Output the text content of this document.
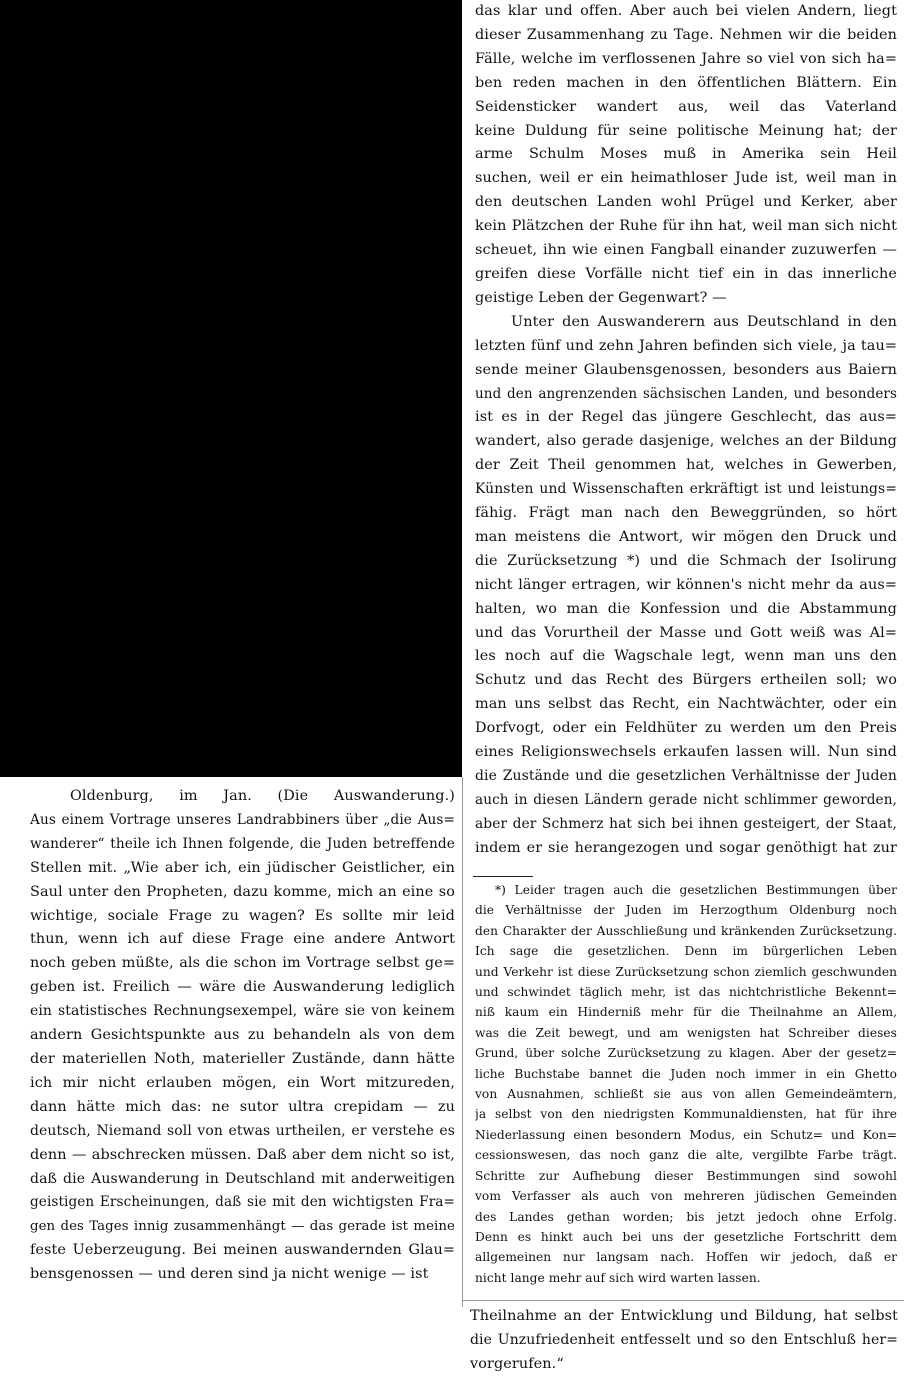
Oldenburg, im Jan. (Die Auswanderung.)
Aus einem Vortrage unseres Landrabbiners über „die Aus=
wanderer“ theile ich Ihnen folgende, die Juden betreffende
Stellen mit. „Wie aber ich, ein jüdischer Geistlicher, ein
Saul unter den Propheten, dazu komme, mich an eine so
wichtige, sociale Frage zu wagen? Es sollte mir leid
thun, wenn ich auf diese Frage eine andere Antwort
noch geben müßte, als die schon im Vortrage selbst ge=
geben ist. Freilich — wäre die Auswanderung lediglich
ein statistisches Rechnungsexempel, wäre sie von keinem
andern Gesichtspunkte aus zu behandeln als von dem
der materiellen Noth, materieller Zustände, dann hätte
ich mir nicht erlauben mögen, ein Wort mitzureden,
dann hätte mich das: ne sutor ultra crepidam — zu
deutsch, Niemand soll von etwas urtheilen, er verstehe es
denn — abschrecken müssen. Daß aber dem nicht so ist,
daß die Auswanderung in Deutschland mit anderweitigen
geistigen Erscheinungen, daß sie mit den wichtigsten Fra=
gen des Tages innig zusammenhängt — das gerade ist meine
feste Ueberzeugung. Bei meinen auswandernden Glau=
bensgenossen — und deren sind ja nicht wenige — ist
das klar und offen. Aber auch bei vielen Andern, liegt
dieser Zusammenhang zu Tage. Nehmen wir die beiden
Fälle, welche im verflossenen Jahre so viel von sich ha=
ben reden machen in den öffentlichen Blättern. Ein
Seidensticker wandert aus, weil das Vaterland
keine Duldung für seine politische Meinung hat; der
arme Schulm Moses muß in Amerika sein Heil
suchen, weil er ein heimathloser Jude ist, weil man in
den deutschen Landen wohl Prügel und Kerker, aber
kein Plätzchen der Ruhe für ihn hat, weil man sich nicht
scheuet, ihn wie einen Fangball einander zuzuwerfen —
greifen diese Vorfälle nicht tief ein in das innerliche
geistige Leben der Gegenwart? —
Unter den Auswanderern aus Deutschland in den
letzten fünf und zehn Jahren befinden sich viele, ja tau=
sende meiner Glaubensgenossen, besonders aus Baiern
und den angrenzenden sächsischen Landen, und besonders
ist es in der Regel das jüngere Geschlecht, das aus=
wandert, also gerade dasjenige, welches an der Bildung
der Zeit Theil genommen hat, welches in Gewerben,
Künsten und Wissenschaften erkräftigt ist und leistungs=
fähig. Frägt man nach den Beweggründen, so hört
man meistens die Antwort, wir mögen den Druck und
die Zurücksetzung *) und die Schmach der Isolirung
nicht länger ertragen, wir können's nicht mehr da aus=
halten, wo man die Konfession und die Abstammung
und das Vorurtheil der Masse und Gott weiß was Al=
les noch auf die Wagschale legt, wenn man uns den
Schutz und das Recht des Bürgers ertheilen soll; wo
man uns selbst das Recht, ein Nachtwächter, oder ein
Dorfvogt, oder ein Feldhüter zu werden um den Preis
eines Religionswechsels erkaufen lassen will. Nun sind
die Zustände und die gesetzlichen Verhältnisse der Juden
auch in diesen Ländern gerade nicht schlimmer geworden,
aber der Schmerz hat sich bei ihnen gesteigert, der Staat,
indem er sie herangezogen und sogar genöthigt hat zur
*) Leider tragen auch die gesetzlichen Bestimmungen über
die Verhältnisse der Juden im Herzogthum Oldenburg noch
den Charakter der Ausschließung und kränkenden Zurücksetzung.
Ich sage die gesetzlichen. Denn im bürgerlichen Leben
und Verkehr ist diese Zurücksetzung schon ziemlich geschwunden
und schwindet täglich mehr, ist das nichtchristliche Bekennt=
niß kaum ein Hinderniß mehr für die Theilnahme an Allem,
was die Zeit bewegt, und am wenigsten hat Schreiber dieses
Grund, über solche Zurücksetzung zu klagen. Aber der gesetz=
liche Buchstabe bannet die Juden noch immer in ein Ghetto
von Ausnahmen, schließt sie aus von allen Gemeindeämtern,
ja selbst von den niedrigsten Kommunaldiensten, hat für ihre
Niederlassung einen besondern Modus, ein Schutz= und Kon=
cessionswesen, das noch ganz die alte, vergilbte Farbe trägt.
Schritte zur Aufhebung dieser Bestimmungen sind sowohl
vom Verfasser als auch von mehreren jüdischen Gemeinden
des Landes gethan worden; bis jetzt jedoch ohne Erfolg.
Denn es hinkt auch bei uns der gesetzliche Fortschritt dem
allgemeinen nur langsam nach. Hoffen wir jedoch, daß er
nicht lange mehr auf sich wird warten lassen.
Theilnahme an der Entwicklung und Bildung, hat selbst
die Unzufriedenheit entfesselt und so den Entschluß her=
vorgerufen.“
